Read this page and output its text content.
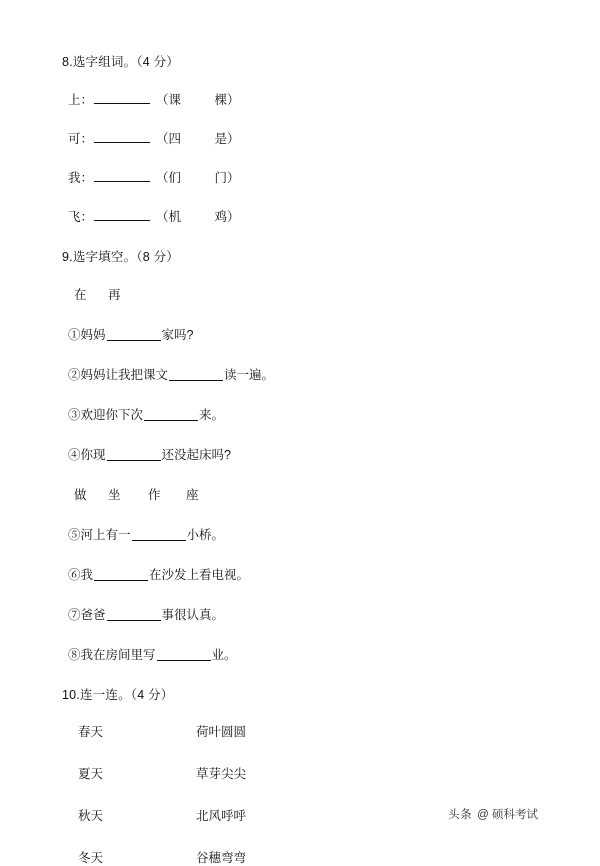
8.选字组词。（4 分）
上：	（课	棵）
可：	（四	是）
我：	（们	门）
飞：	（机	鸡）
9.选字填空。（8 分）
在 再
①妈妈	家吗?
②妈妈让我把课文	读一遍。
③欢迎你下次	来。
④你现	还没起床吗?
做 坐 作 座
⑤河上有一	小桥。
⑥我	在沙发上看电视。
⑦爸爸	事很认真。
⑧我在房间里写	业。
10.连一连。（4 分）
春天	荷叶圆圆
夏天	草芽尖尖
秋天	北风呼呼
冬天	谷穗弯弯
头条 @ 硕科考试
